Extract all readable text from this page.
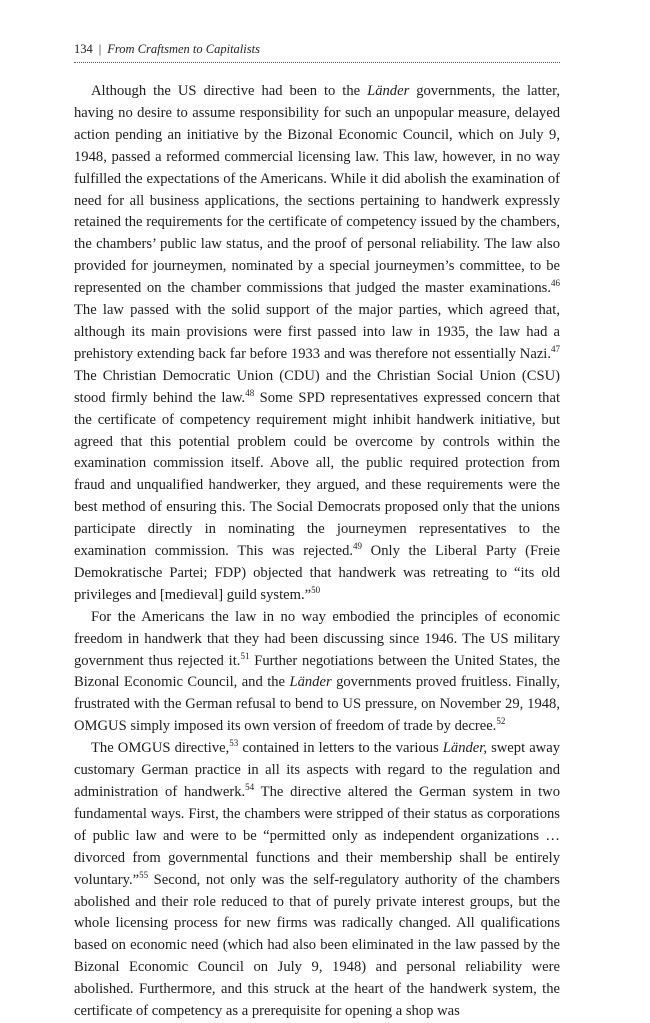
134 | From Craftsmen to Capitalists

Although the US directive had been to the Länder governments, the latter, having no desire to assume responsibility for such an unpopular measure, delayed action pending an initiative by the Bizonal Economic Council, which on July 9, 1948, passed a reformed commercial licensing law. This law, however, in no way fulfilled the expectations of the Americans. While it did abolish the examination of need for all business applications, the sections pertaining to handwerk expressly retained the requirements for the certificate of competency issued by the chambers, the chambers’ public law status, and the proof of personal reliability. The law also provided for journeymen, nominated by a special journeymen’s committee, to be represented on the chamber commissions that judged the master examinations.$^{46}$ The law passed with the solid support of the major parties, which agreed that, although its main provisions were first passed into law in 1935, the law had a prehistory extending back far before 1933 and was therefore not essentially Nazi.$^{47}$ The Christian Democratic Union (CDU) and the Christian Social Union (CSU) stood firmly behind the law.$^{48}$ Some SPD representatives expressed concern that the certificate of competency requirement might inhibit handwerk initiative, but agreed that this potential problem could be overcome by controls within the examination commission itself. Above all, the public required protection from fraud and unqualified handwerker, they argued, and these requirements were the best method of ensuring this. The Social Democrats proposed only that the unions participate directly in nominating the journeymen representatives to the examination commission. This was rejected.$^{49}$ Only the Liberal Party (Freie Demokratische Partei; FDP) objected that handwerk was retreating to “its old privileges and [medieval] guild system.”$^{50}$

For the Americans the law in no way embodied the principles of economic freedom in handwerk that they had been discussing since 1946. The US military government thus rejected it.$^{51}$ Further negotiations between the United States, the Bizonal Economic Council, and the Länder governments proved fruitless. Finally, frustrated with the German refusal to bend to US pressure, on November 29, 1948, OMGUS simply imposed its own version of freedom of trade by decree.$^{52}$

The OMGUS directive,$^{53}$ contained in letters to the various Länder, swept away customary German practice in all its aspects with regard to the regulation and administration of handwerk.$^{54}$ The directive altered the German system in two fundamental ways. First, the chambers were stripped of their status as corporations of public law and were to be “permitted only as independent organizations … divorced from governmental functions and their membership shall be entirely voluntary.”$^{55}$ Second, not only was the self-regulatory authority of the chambers abolished and their role reduced to that of purely private interest groups, but the whole licensing process for new firms was radically changed. All qualifications based on economic need (which had also been eliminated in the law passed by the Bizonal Economic Council on July 9, 1948) and personal reliability were abolished. Furthermore, and this struck at the heart of the handwerk system, the certificate of competency as a prerequisite for opening a shop was
